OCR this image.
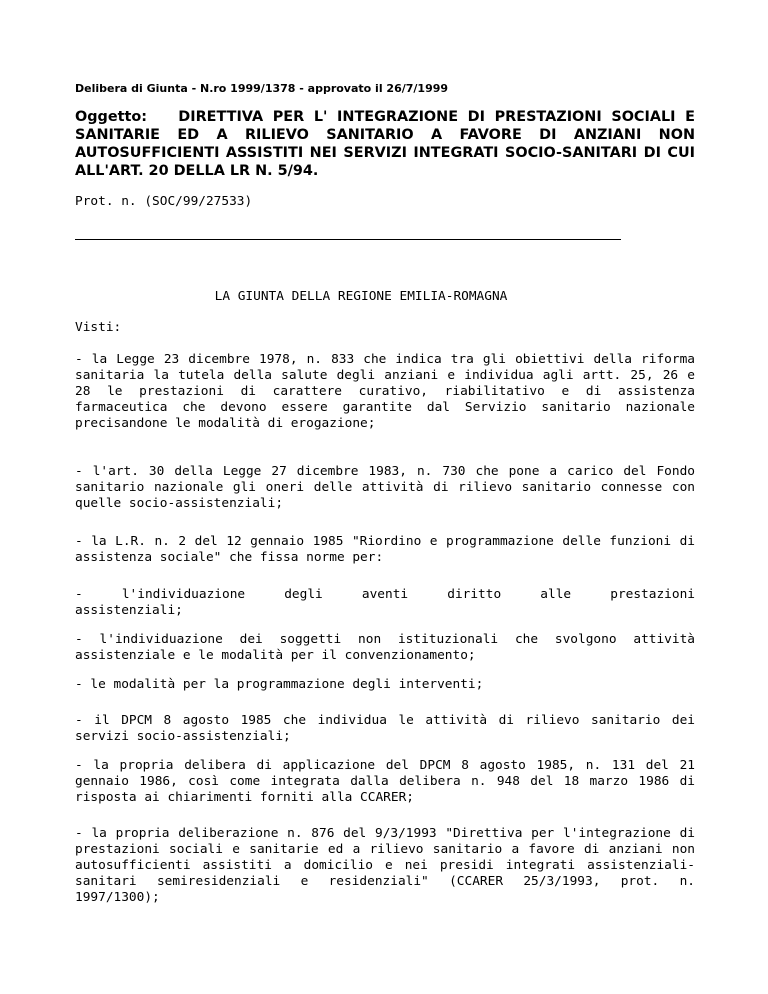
Delibera di Giunta - N.ro 1999/1378 - approvato il 26/7/1999
Oggetto: DIRETTIVA PER L' INTEGRAZIONE DI PRESTAZIONI SOCIALI E SANITARIE ED A RILIEVO SANITARIO A FAVORE DI ANZIANI NON AUTOSUFFICIENTI ASSISTITI NEI SERVIZI INTEGRATI SOCIO-SANITARI DI CUI ALL'ART. 20 DELLA LR N. 5/94.
Prot. n. (SOC/99/27533)
LA GIUNTA DELLA REGIONE EMILIA-ROMAGNA
Visti:
- la Legge 23 dicembre 1978, n. 833 che indica tra gli obiettivi della riforma sanitaria la tutela della salute degli anziani e individua agli artt. 25, 26 e 28 le prestazioni di carattere curativo, riabilitativo e di assistenza farmaceutica che devono essere garantite dal Servizio sanitario nazionale precisandone le modalità di erogazione;
- l'art. 30 della Legge 27 dicembre 1983, n. 730 che pone a carico del Fondo sanitario nazionale gli oneri delle attività di rilievo sanitario connesse con quelle socio-assistenziali;
- la L.R. n. 2 del 12 gennaio 1985 "Riordino e programmazione delle funzioni di assistenza sociale" che fissa norme per:
- l'individuazione degli aventi diritto alle prestazioni assistenziali;
- l'individuazione dei soggetti non istituzionali che svolgono attività assistenziale e le modalità per il convenzionamento;
- le modalità per la programmazione degli interventi;
- il DPCM 8 agosto 1985 che individua le attività di rilievo sanitario dei servizi socio-assistenziali;
- la propria delibera di applicazione del DPCM 8 agosto 1985, n. 131 del 21 gennaio 1986, così come integrata dalla delibera n. 948 del 18 marzo 1986 di risposta ai chiarimenti forniti alla CCARER;
- la propria deliberazione n. 876 del 9/3/1993 "Direttiva per l'integrazione di prestazioni sociali e sanitarie ed a rilievo sanitario a favore di anziani non autosufficienti assistiti a domicilio e nei presidi integrati assistenziali-sanitari semiresidenziali e residenziali" (CCARER 25/3/1993, prot. n. 1997/1300);
